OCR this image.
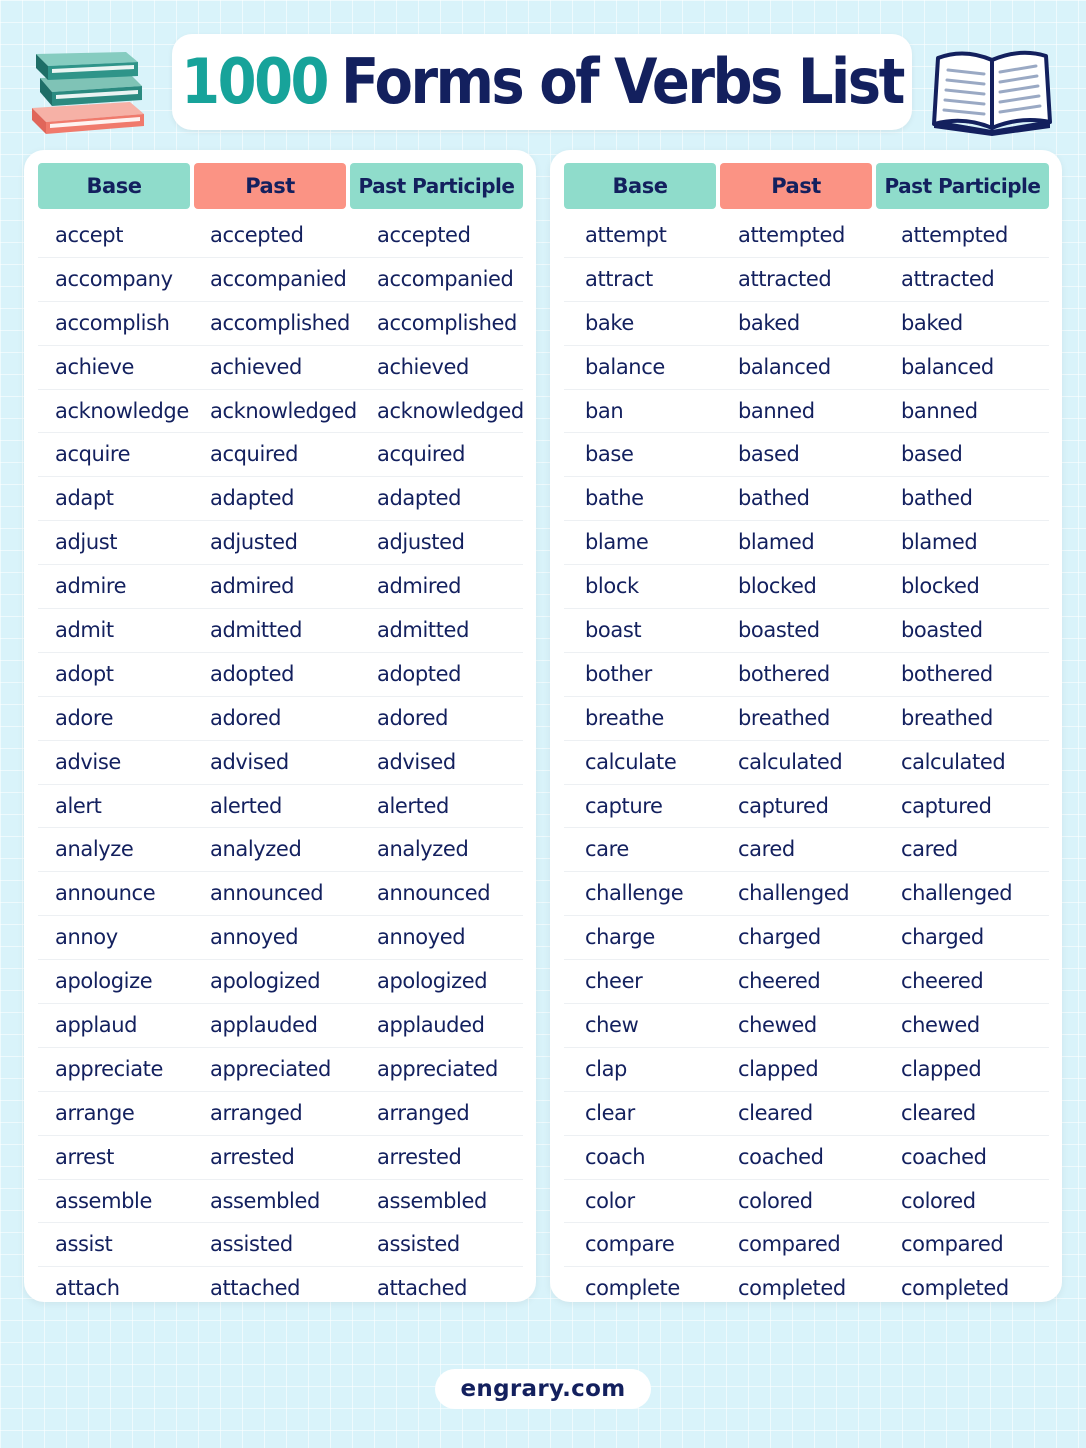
1000 Forms of Verbs List
Base	Past	Past Participle
accept	accepted	accepted
accompany accompanied accompanied
accomplish accomplished accomplished
achieve	achieved	achieved
acknowledge acknowledged acknowledged
acquire	acquired	acquired
adapt	adapted	adapted
adjust	adjusted	adjusted
admire	admired	admired
admit	admitted	admitted
adopt	adopted	adopted
adore	adored	adored
advise	advised	advised
alert	alerted	alerted
analyze	analyzed	analyzed
announce	announced	announced
annoy	annoyed	annoyed
apologize	apologized	apologized
applaud	applauded	applauded
appreciate appreciated appreciated
arrange	arranged	arranged
arrest	arrested	arrested
assemble	assembled	assembled
assist	assisted	assisted
attach	attached	attached
Base	Past	Past Participle
attempt	attempted	attempted
attract	attracted	attracted
bake	baked	baked
balance	balanced	balanced
ban	banned	banned
base	based	based
bathe	bathed	bathed
blame	blamed	blamed
block	blocked	blocked
boast	boasted	boasted
bother	bothered	bothered
breathe	breathed	breathed
calculate	calculated	calculated
capture	captured	captured
care	cared	cared
challenge	challenged challenged
charge	charged	charged
cheer	cheered	cheered
chew	chewed	chewed
clap	clapped	clapped
clear	cleared	cleared
coach	coached	coached
color	colored	colored
compare	compared	compared
complete	completed	completed
engrary.com
